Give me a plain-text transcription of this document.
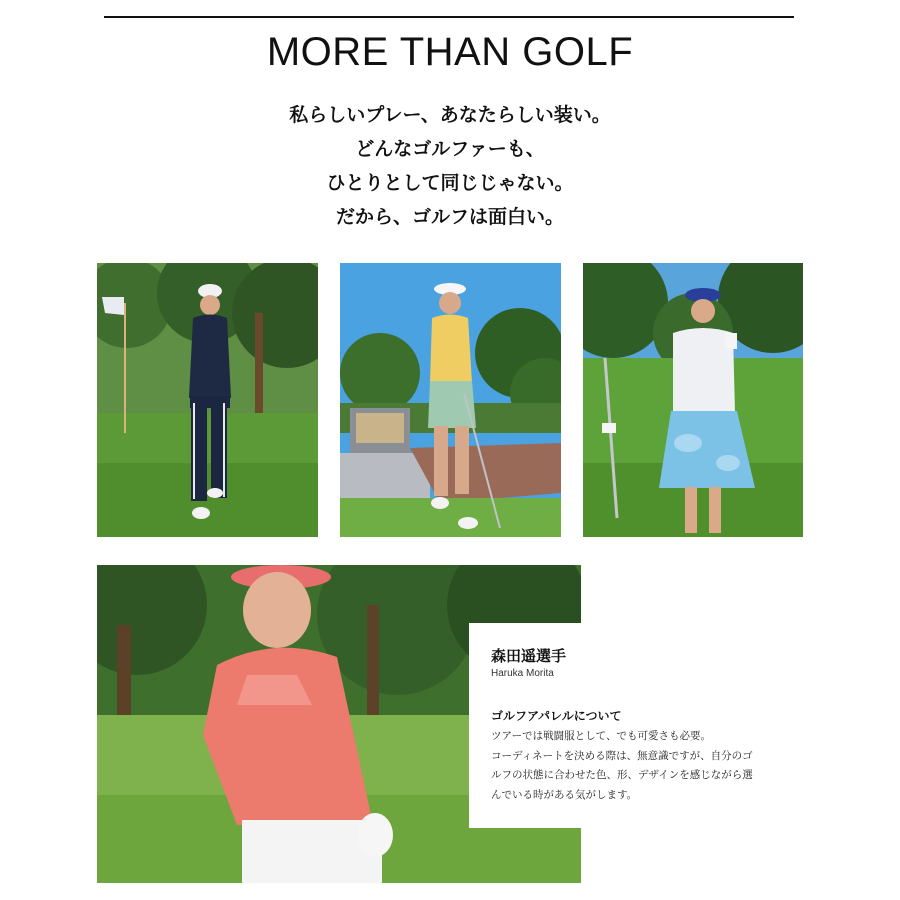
MORE THAN GOLF
私らしいプレー、あなたらしい装い。
どんなゴルファーも、
ひとりとして同じじゃない。
だから、ゴルフは面白い。
森田遥選手
Haruka Morita
ゴルフアパレルについて
ツアーでは戦闘服として、でも可愛さも必要。
コーディネートを決める際は、無意識ですが、自分のゴ
ルフの状態に合わせた色、形、デザインを感じながら選
んでいる時がある気がします。
